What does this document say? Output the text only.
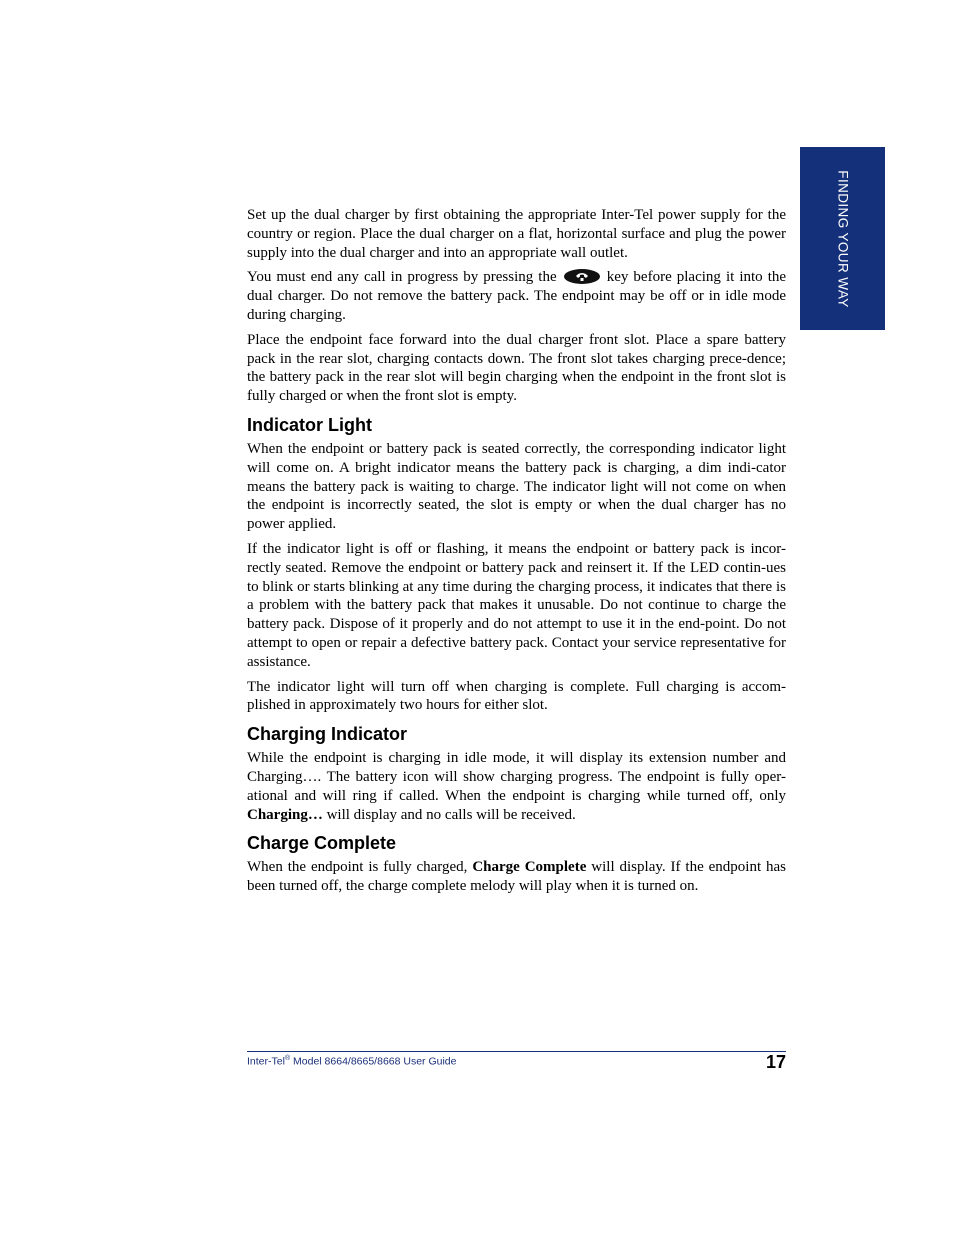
FINDING YOUR WAY

Set up the dual charger by first obtaining the appropriate Inter-Tel power supply for the country or region. Place the dual charger on a flat, horizontal surface and plug the power supply into the dual charger and into an appropriate wall outlet.

You must end any call in progress by pressing the	key before placing it into the dual charger. Do not remove the battery pack. The endpoint may be off or in idle mode during charging.

Place the endpoint face forward into the dual charger front slot. Place a spare battery pack in the rear slot, charging contacts down. The front slot takes charging prece-dence; the battery pack in the rear slot will begin charging when the endpoint in the front slot is fully charged or when the front slot is empty.

Indicator Light

When the endpoint or battery pack is seated correctly, the corresponding indicator light will come on. A bright indicator means the battery pack is charging, a dim indi-cator means the battery pack is waiting to charge. The indicator light will not come on when the endpoint is incorrectly seated, the slot is empty or when the dual charger has no power applied.

If the indicator light is off or flashing, it means the endpoint or battery pack is incor-rectly seated. Remove the endpoint or battery pack and reinsert it. If the LED contin-ues to blink or starts blinking at any time during the charging process, it indicates that there is a problem with the battery pack that makes it unusable. Do not continue to charge the battery pack. Dispose of it properly and do not attempt to use it in the end-point. Do not attempt to open or repair a defective battery pack. Contact your service representative for assistance.

The indicator light will turn off when charging is complete. Full charging is accom-plished in approximately two hours for either slot.

Charging Indicator

While the endpoint is charging in idle mode, it will display its extension number and Charging…. The battery icon will show charging progress. The endpoint is fully oper-ational and will ring if called. When the endpoint is charging while turned off, only Charging… will display and no calls will be received.

Charge Complete

When the endpoint is fully charged, Charge Complete will display. If the endpoint has been turned off, the charge complete melody will play when it is turned on.

Inter-Tel® Model 8664/8665/8668 User Guide	17
